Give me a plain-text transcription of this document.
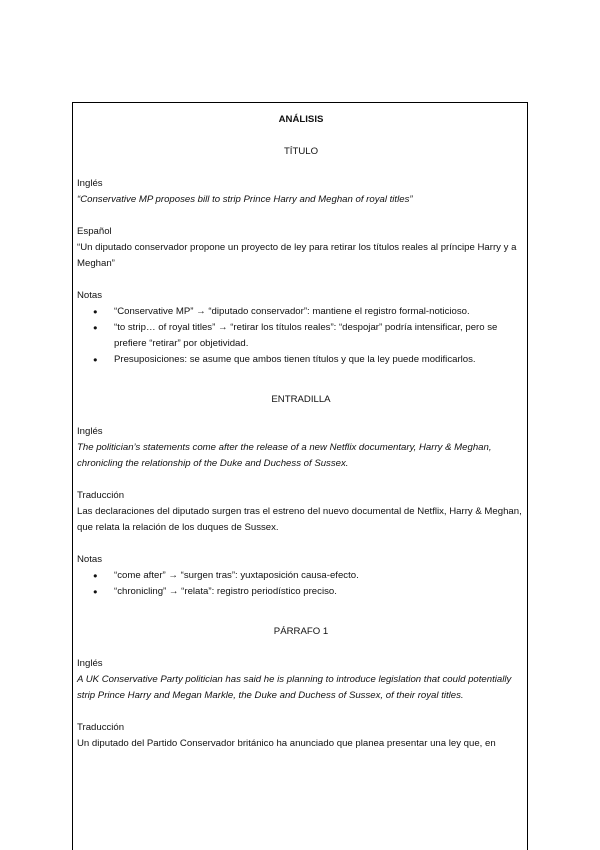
ANÁLISIS
TÍTULO
Inglés

“Conservative MP proposes bill to strip Prince Harry and Meghan of royal titles”

Español

“Un diputado conservador propone un proyecto de ley para retirar los títulos reales al príncipe Harry y a Meghan”

Notas
● “Conservative MP” → “diputado conservador”: mantiene el registro formal-noticioso.
● “to strip… of royal titles” → “retirar los títulos reales”: “despojar” podría intensificar, pero se prefiere “retirar” por objetividad.
● Presuposiciones: se asume que ambos tienen títulos y que la ley puede modificarlos.
ENTRADILLA
Inglés

The politician’s statements come after the release of a new Netflix documentary, Harry & Meghan, chronicling the relationship of the Duke and Duchess of Sussex.

Traducción

Las declaraciones del diputado surgen tras el estreno del nuevo documental de Netflix, Harry & Meghan, que relata la relación de los duques de Sussex.

Notas
● “come after” → “surgen tras”: yuxtaposición causa-efecto.
● “chronicling” → “relata”: registro periodístico preciso.
PÁRRAFO 1
Inglés

A UK Conservative Party politician has said he is planning to introduce legislation that could potentially strip Prince Harry and Megan Markle, the Duke and Duchess of Sussex, of their royal titles.

Traducción

Un diputado del Partido Conservador británico ha anunciado que planea presentar una ley que, en
